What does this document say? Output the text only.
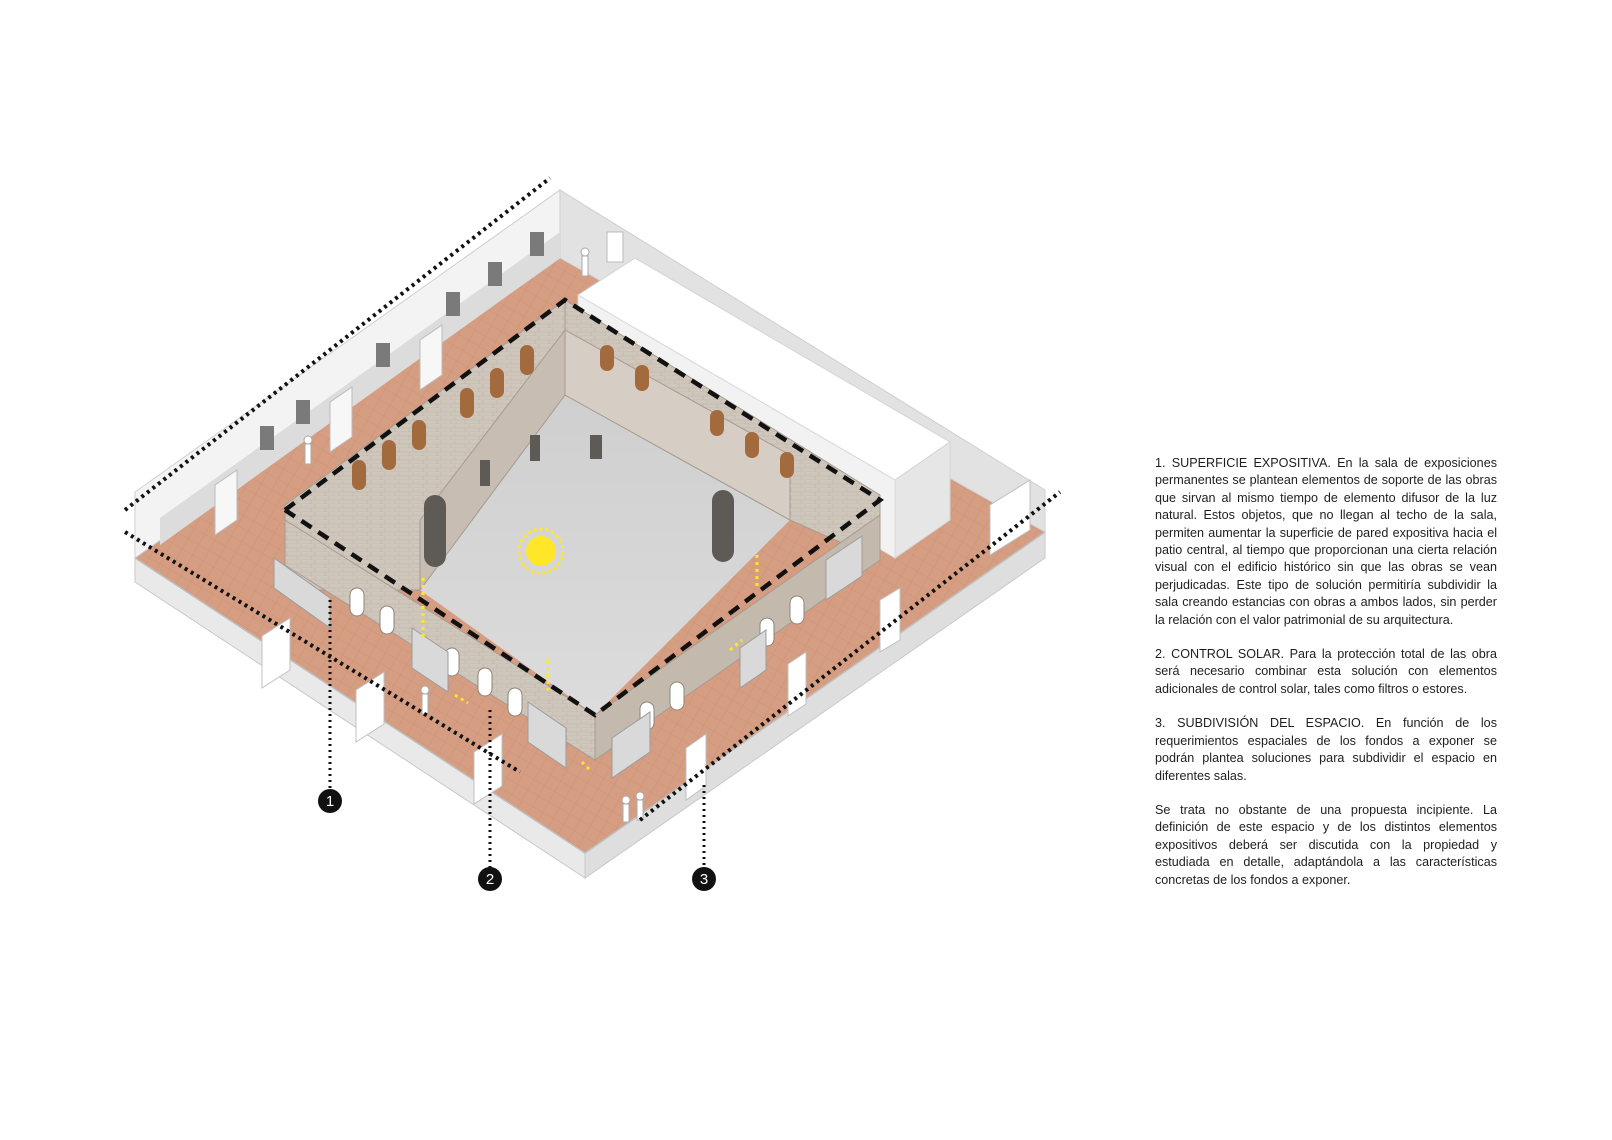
1
2	3

1. SUPERFICIE EXPOSITIVA. En la sala de exposiciones permanentes se plantean elementos de soporte de las obras que sirvan al mismo tiempo de elemento difusor de la luz natural. Estos objetos, que no llegan al techo de la sala, permiten aumentar la superficie de pared expositiva hacia el patio central, al tiempo que proporcionan una cierta relación visual con el edificio histórico sin que las obras se vean perjudicadas. Este tipo de solución permitiría subdividir la sala creando estancias con obras a ambos lados, sin perder la relación con el valor patrimonial de su arquitectura.

2. CONTROL SOLAR. Para la protección total de las obra será necesario combinar esta solución con elementos adicionales de control solar, tales como filtros o estores.

3. SUBDIVISIÓN DEL ESPACIO. En función de los requerimientos espaciales de los fondos a exponer se podrán plantea soluciones para subdividir el espacio en diferentes salas.

Se trata no obstante de una propuesta incipiente. La definición de este espacio y de los distintos elementos expositivos deberá ser discutida con la propiedad y estudiada en detalle, adaptándola a las características concretas de los fondos a exponer.
